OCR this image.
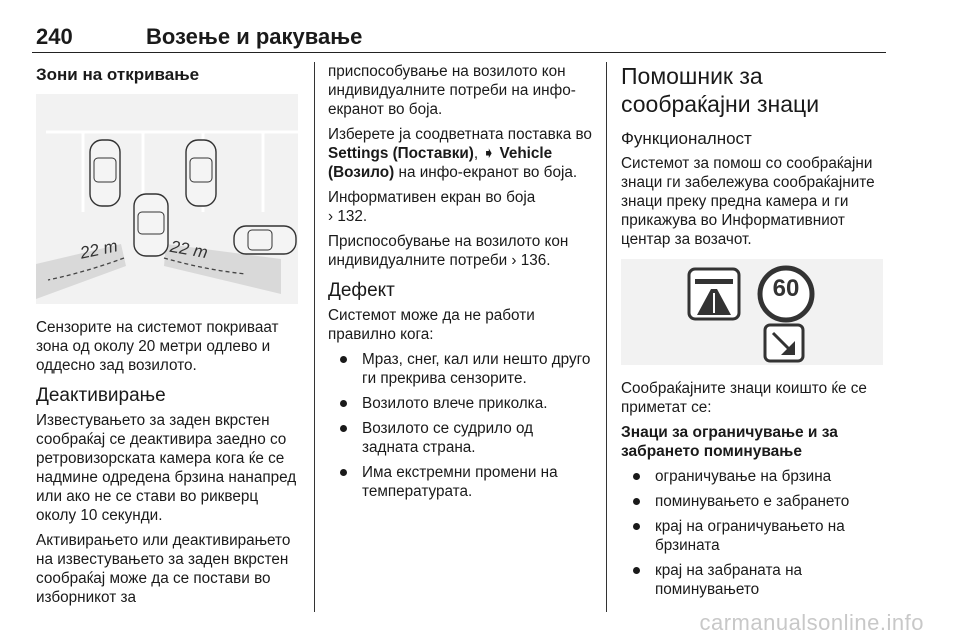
240	Возење и ракување
Зони на откривање
22 m	22 m

Сензорите на системот покриваат зона од околу 20 метри одлево и оддесно зад возилото.

Деактивирање

Известувањето за заден вкрстен сообраќај се деактивира заедно со ретровизорската камера кога ќе се надмине одредена брзина нанапред или ако не се стави во рикверц околу 10 секунди.

Активирањето или деактивирањето на известувањето за заден вкрстен сообраќај може да се постави во изборникот за

приспособување на возилото кон индивидуалните потреби на инфо-екранот во боја.

Изберете ја соодветната поставка во Settings (Поставки), ➧ Vehicle (Возило) на инфо-екранот во боја.

Информативен екран во боја
› 132.

Приспособување на возилото кон индивидуалните потреби › 136.

Дефект

Системот може да не работи правилно кога:

Мраз, снег, кал или нешто друго ги прекрива сензорите.
Возилото влече приколка.
Возилото се судрило од задната страна.
Има екстремни промени на температурата.
Помошник за сообраќајни знаци
Функционалност

Системот за помош со сообраќајни знаци ги забележува сообраќајните знаци преку предна камера и ги прикажува во Информативниот центар за возачот.

60

Сообраќајните знаци коишто ќе се приметат се:

Знаци за ограничување и за забрането поминување
ограничување на брзина
поминувањето е забрането
крај на ограничувањето на брзината
крај на забраната на поминувањето
carmanualsonline.info
